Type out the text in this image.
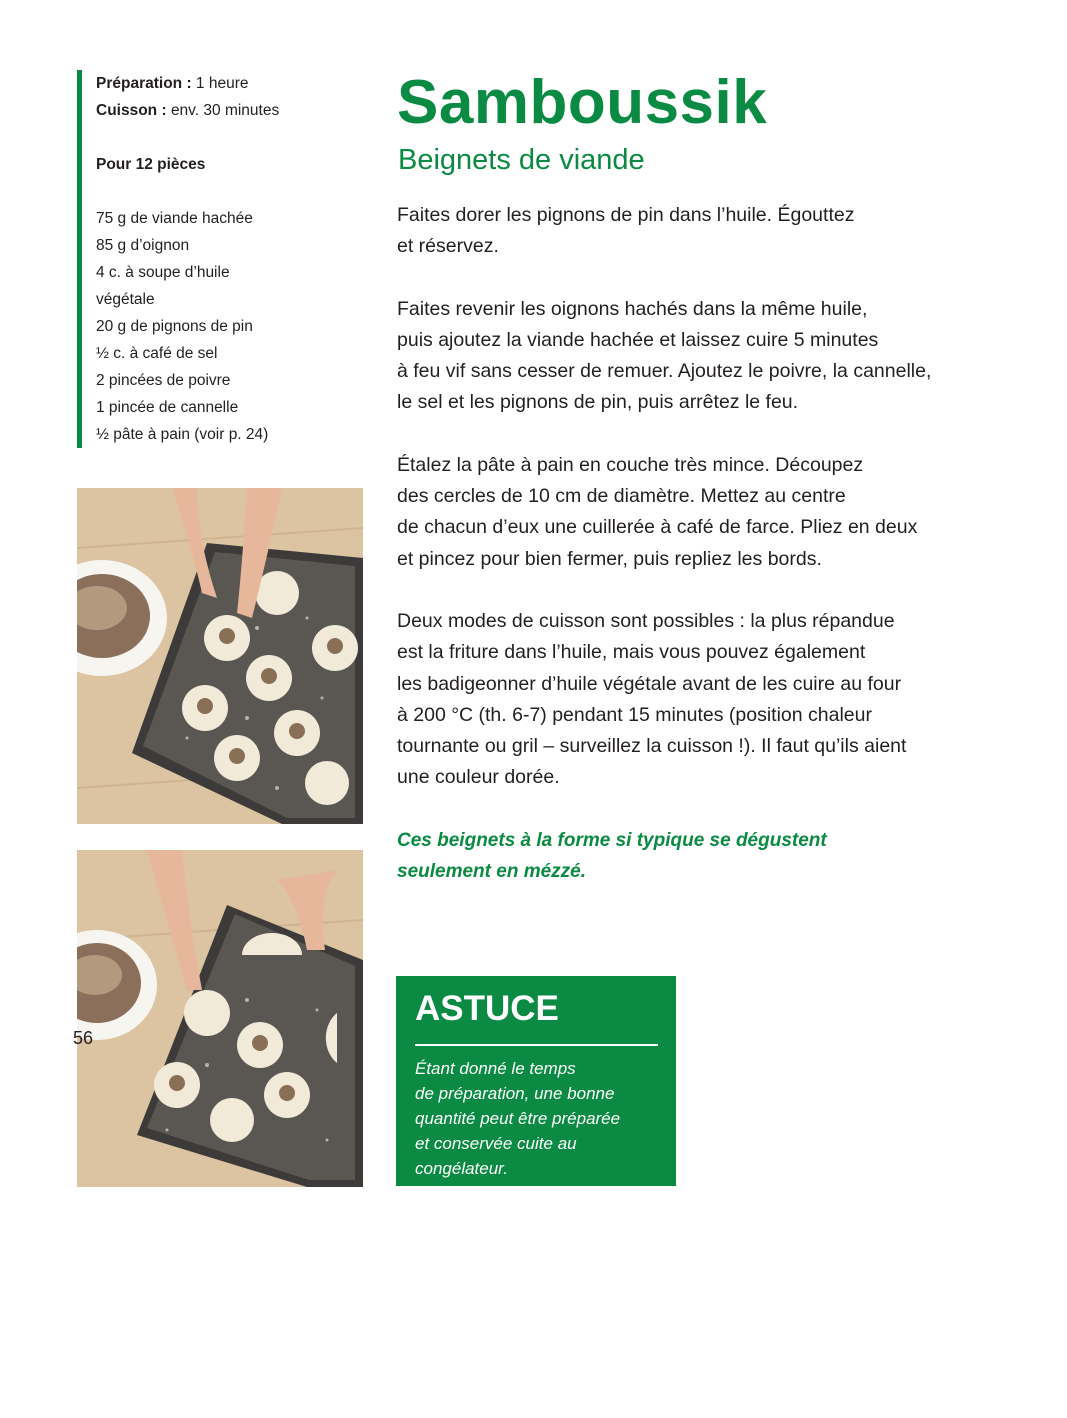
Préparation : 1 heure
Cuisson : env. 30 minutes
Pour 12 pièces
75 g de viande hachée
85 g d’oignon
4 c. à soupe d’huile
végétale
20 g de pignons de pin
½ c. à café de sel
2 pincées de poivre
1 pincée de cannelle
½ pâte à pain (voir p. 24)
Samboussik
Beignets de viande

Faites dorer les pignons de pin dans l’huile. Égouttez
et réservez.

Faites revenir les oignons hachés dans la même huile,
puis ajoutez la viande hachée et laissez cuire 5 minutes
à feu vif sans cesser de remuer. Ajoutez le poivre, la cannelle,
le sel et les pignons de pin, puis arrêtez le feu.

Étalez la pâte à pain en couche très mince. Découpez
des cercles de 10 cm de diamètre. Mettez au centre
de chacun d’eux une cuillerée à café de farce. Pliez en deux
et pincez pour bien fermer, puis repliez les bords.

Deux modes de cuisson sont possibles : la plus répandue
est la friture dans l’huile, mais vous pouvez également
les badigeonner d’huile végétale avant de les cuire au four
à 200 °C (th. 6-7) pendant 15 minutes (position chaleur
tournante ou gril – surveillez la cuisson !). Il faut qu’ils aient
une couleur dorée.

Ces beignets à la forme si typique se dégustent
seulement en mézzé.

ASTUCE

Étant donné le temps
de préparation, une bonne
quantité peut être préparée
et conservée cuite au
congélateur.

56
